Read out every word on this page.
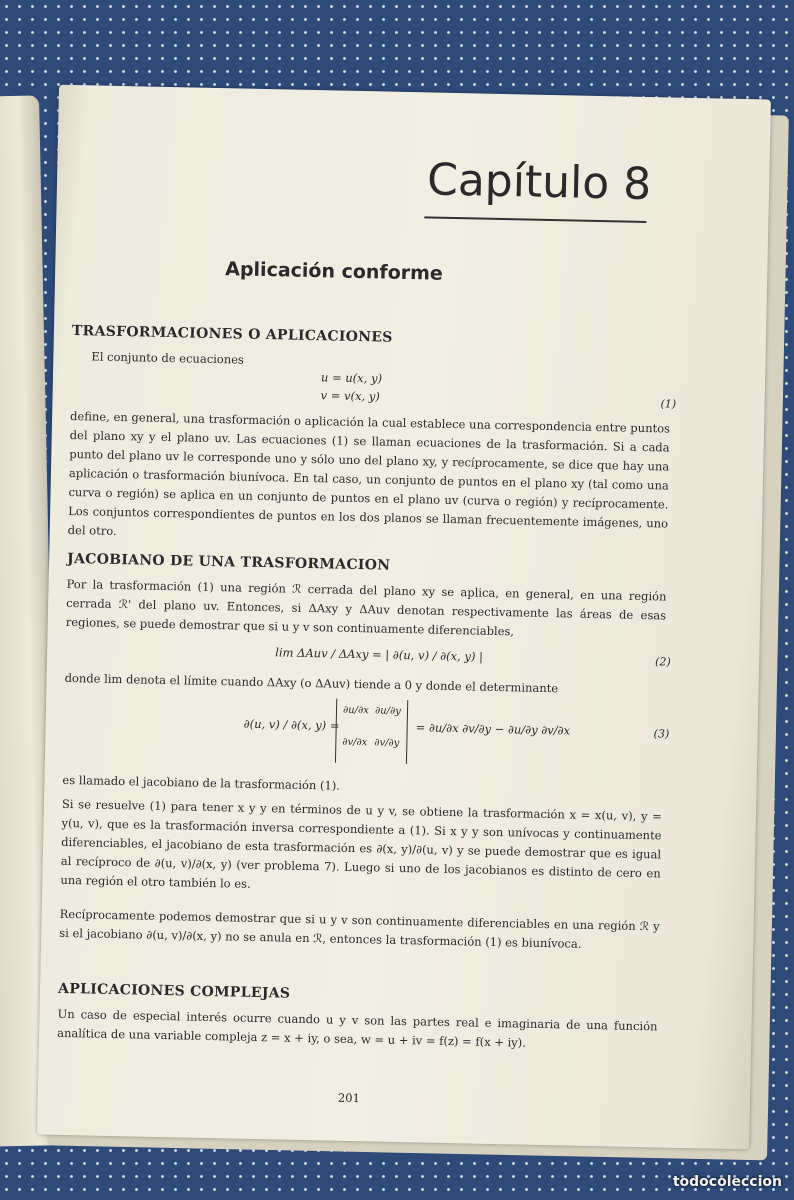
Capítulo 8
Aplicación conforme
TRASFORMACIONES O APLICACIONES
El conjunto de ecuaciones
u = u(x, y)
v = v(x, y)
(1)
define, en general, una trasformación o aplicación la cual establece una correspondencia entre puntos del plano xy y el plano uv. Las ecuaciones (1) se llaman ecuaciones de la trasformación. Si a cada punto del plano uv le corresponde uno y sólo uno del plano xy, y recíprocamente, se dice que hay una aplicación o trasformación biunívoca. En tal caso, un conjunto de puntos en el plano xy (tal como una curva o región) se aplica en un conjunto de puntos en el plano uv (curva o región) y recíprocamente. Los conjuntos correspondientes de puntos en los dos planos se llaman frecuentemente imágenes, uno del otro.
JACOBIANO DE UNA TRASFORMACION
Por la trasformación (1) una región ℛ cerrada del plano xy se aplica, en general, en una región cerrada ℛ' del plano uv. Entonces, si ΔAxy y ΔAuv denotan respectivamente las áreas de esas regiones, se puede demostrar que si u y v son continuamente diferenciables,
lim ΔAuv / ΔAxy = | ∂(u, v) / ∂(x, y) |	(2)
donde lim denota el límite cuando ΔAxy (o ΔAuv) tiende a 0 y donde el determinante
∂(u, v) / ∂(x, y) =
∂u/∂x ∂u/∂y
∂v/∂x ∂v/∂y
= ∂u/∂x ∂v/∂y − ∂u/∂y ∂v/∂x	(3)
es llamado el jacobiano de la trasformación (1).
Si se resuelve (1) para tener x y y en términos de u y v, se obtiene la trasformación x = x(u, v), y = y(u, v), que es la trasformación inversa correspondiente a (1). Si x y y son unívocas y continuamente diferenciables, el jacobiano de esta trasformación es ∂(x, y)/∂(u, v) y se puede demostrar que es igual al recíproco de ∂(u, v)/∂(x, y) (ver problema 7). Luego si uno de los jacobianos es distinto de cero en una región el otro también lo es.
Recíprocamente podemos demostrar que si u y v son continuamente diferenciables en una región ℛ y si el jacobiano ∂(u, v)/∂(x, y) no se anula en ℛ, entonces la trasformación (1) es biunívoca.
APLICACIONES COMPLEJAS
Un caso de especial interés ocurre cuando u y v son las partes real e imaginaria de una función analítica de una variable compleja z = x + iy, o sea, w = u + iv = f(z) = f(x + iy).
201
todocoleccion
